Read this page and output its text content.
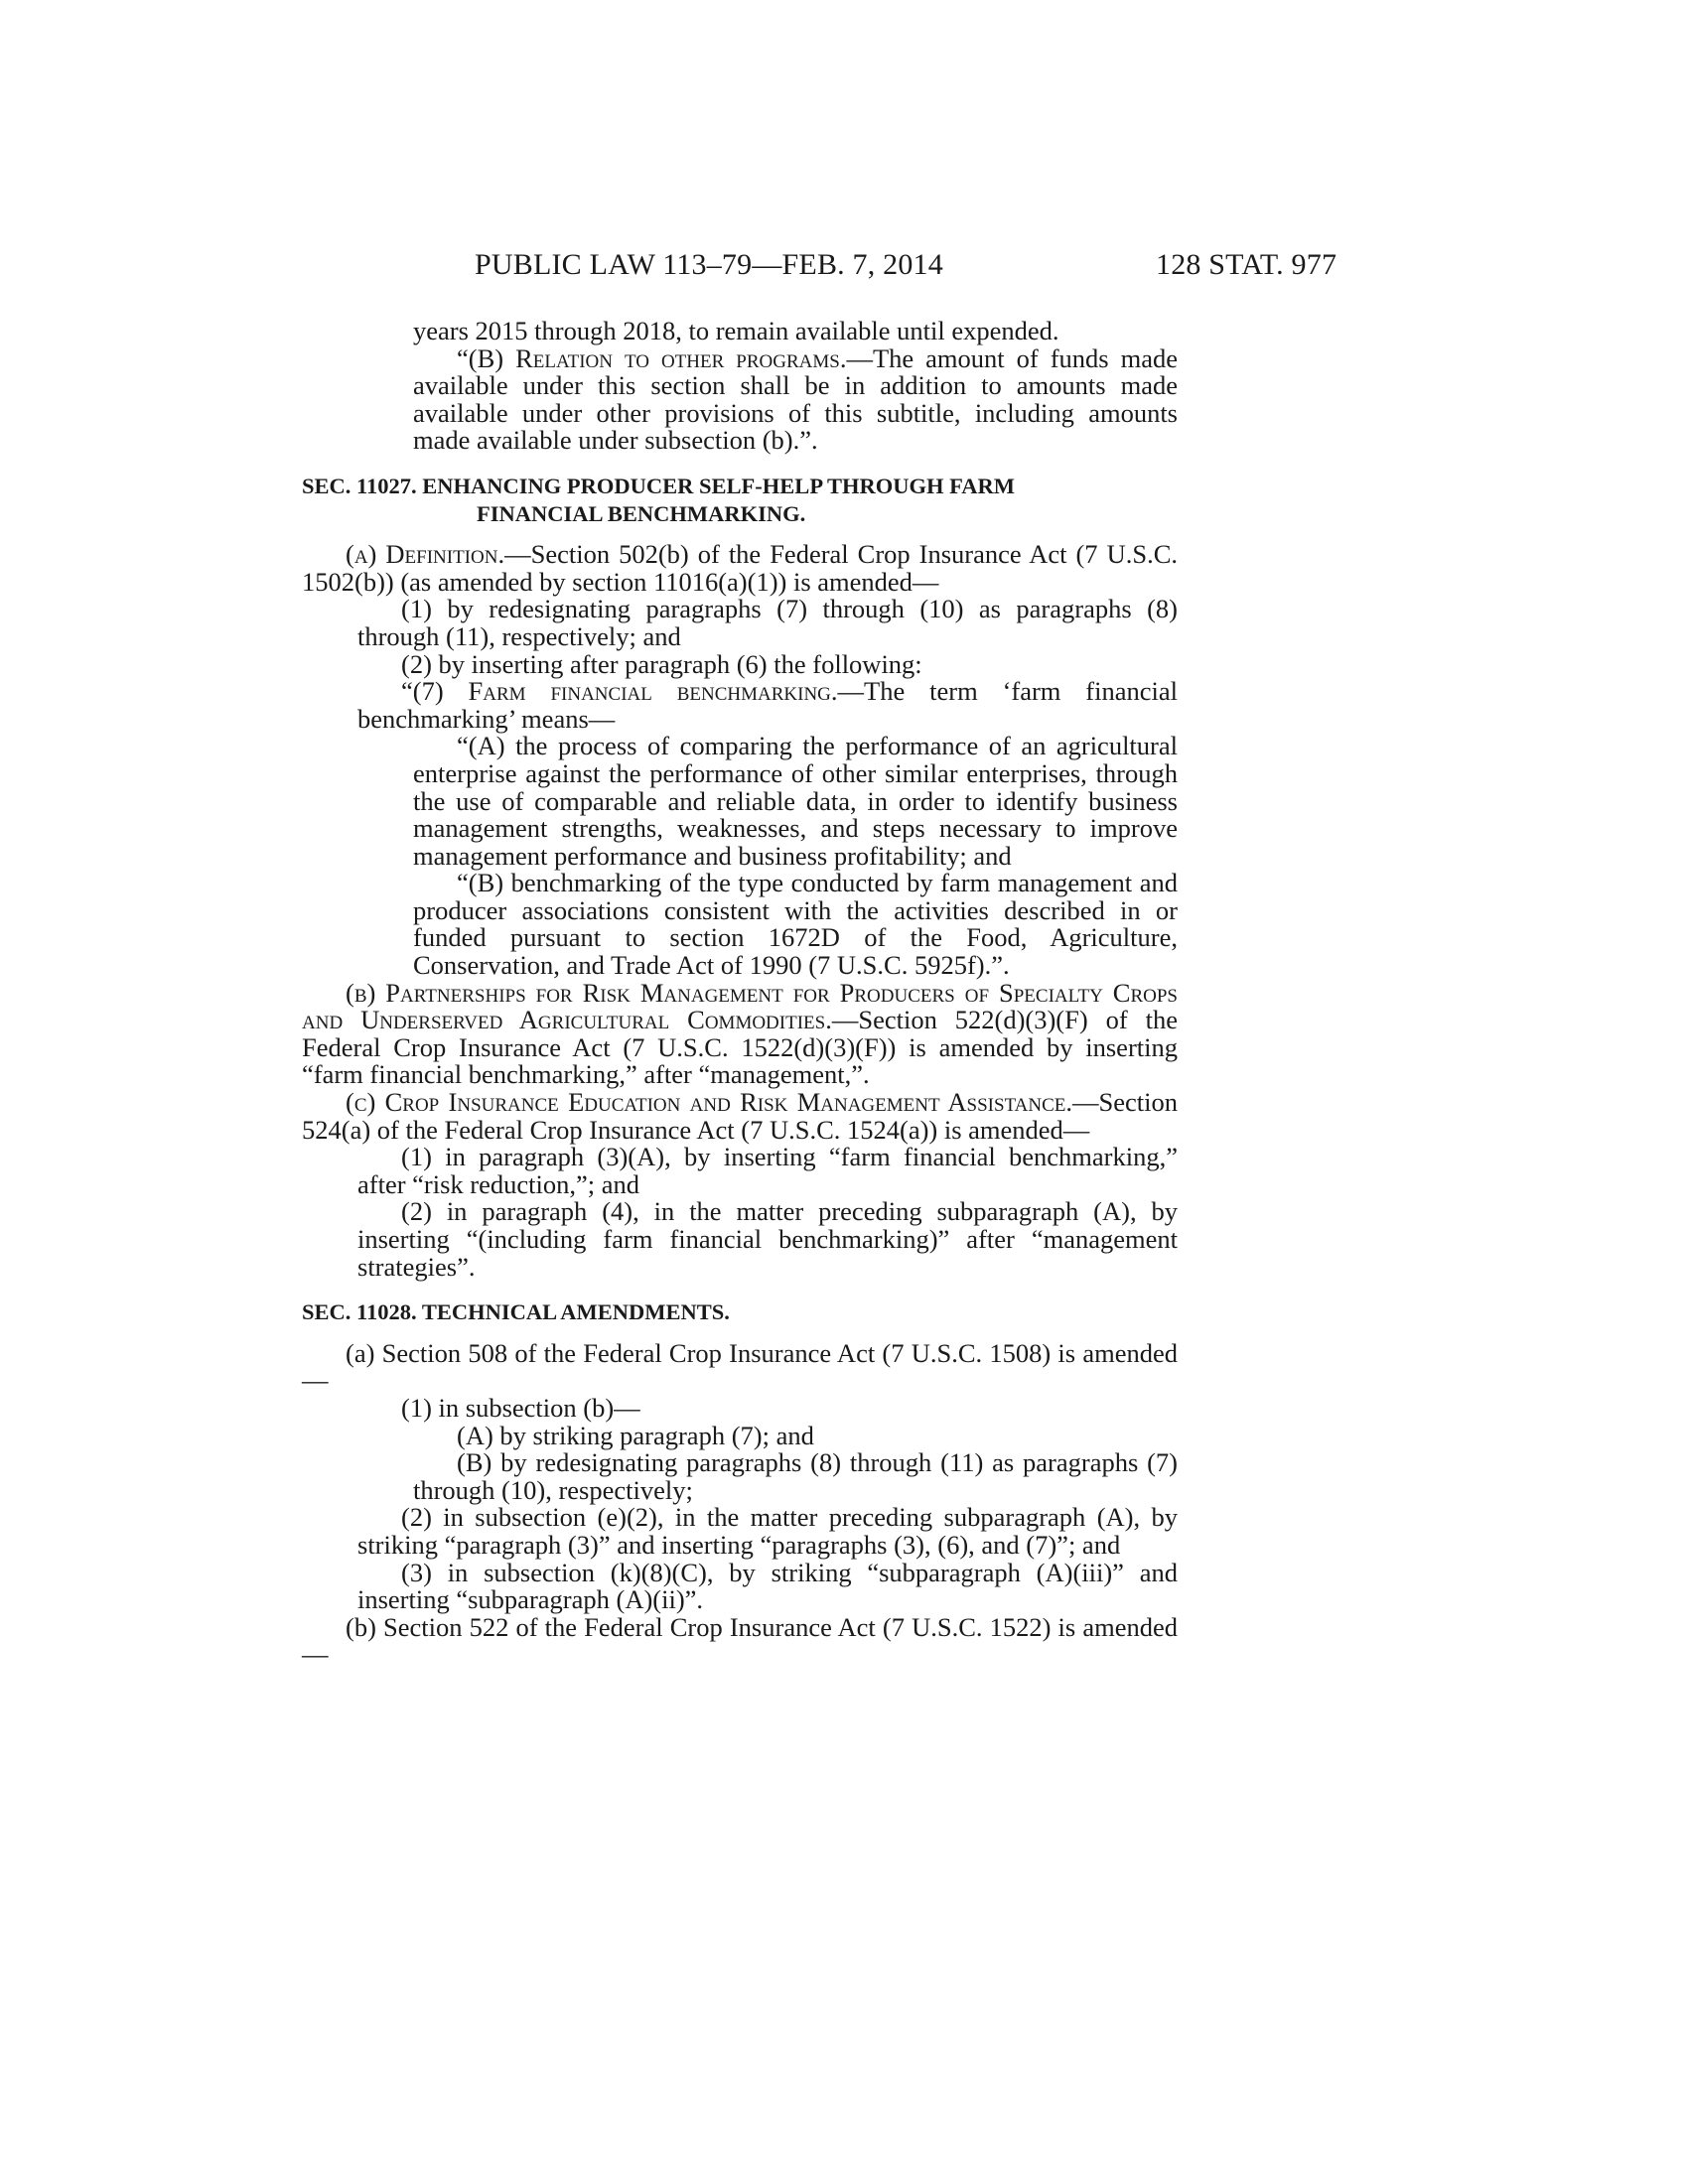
PUBLIC LAW 113–79—FEB. 7, 2014	128 STAT. 977

years 2015 through 2018, to remain available until expended.

“(B) Relation to other programs.—The amount of funds made available under this section shall be in addition to amounts made available under other provisions of this subtitle, including amounts made available under subsection (b).”.

SEC. 11027. ENHANCING PRODUCER SELF-HELP THROUGH FARM
FINANCIAL BENCHMARKING.

(a) Definition.—Section 502(b) of the Federal Crop Insurance Act (7 U.S.C. 1502(b)) (as amended by section 11016(a)(1)) is amended—

(1) by redesignating paragraphs (7) through (10) as paragraphs (8) through (11), respectively; and

(2) by inserting after paragraph (6) the following:

“(7) Farm financial benchmarking.—The term ‘farm financial benchmarking’ means—

“(A) the process of comparing the performance of an agricultural enterprise against the performance of other similar enterprises, through the use of comparable and reliable data, in order to identify business management strengths, weaknesses, and steps necessary to improve management performance and business profitability; and

“(B) benchmarking of the type conducted by farm management and producer associations consistent with the activities described in or funded pursuant to section 1672D of the Food, Agriculture, Conservation, and Trade Act of 1990 (7 U.S.C. 5925f).”.

(b) Partnerships for Risk Management for Producers of Specialty Crops and Underserved Agricultural Commodities.—Section 522(d)(3)(F) of the Federal Crop Insurance Act (7 U.S.C. 1522(d)(3)(F)) is amended by inserting “farm financial benchmarking,” after “management,”.

(c) Crop Insurance Education and Risk Management Assistance.—Section 524(a) of the Federal Crop Insurance Act (7 U.S.C. 1524(a)) is amended—

(1) in paragraph (3)(A), by inserting “farm financial benchmarking,” after “risk reduction,”; and

(2) in paragraph (4), in the matter preceding subparagraph (A), by inserting “(including farm financial benchmarking)” after “management strategies”.

SEC. 11028. TECHNICAL AMENDMENTS.

(a) Section 508 of the Federal Crop Insurance Act (7 U.S.C. 1508) is amended—

(1) in subsection (b)—

(A) by striking paragraph (7); and

(B) by redesignating paragraphs (8) through (11) as paragraphs (7) through (10), respectively;

(2) in subsection (e)(2), in the matter preceding subparagraph (A), by striking “paragraph (3)” and inserting “paragraphs (3), (6), and (7)”; and

(3) in subsection (k)(8)(C), by striking “subparagraph (A)(iii)” and inserting “subparagraph (A)(ii)”.

(b) Section 522 of the Federal Crop Insurance Act (7 U.S.C. 1522) is amended—
